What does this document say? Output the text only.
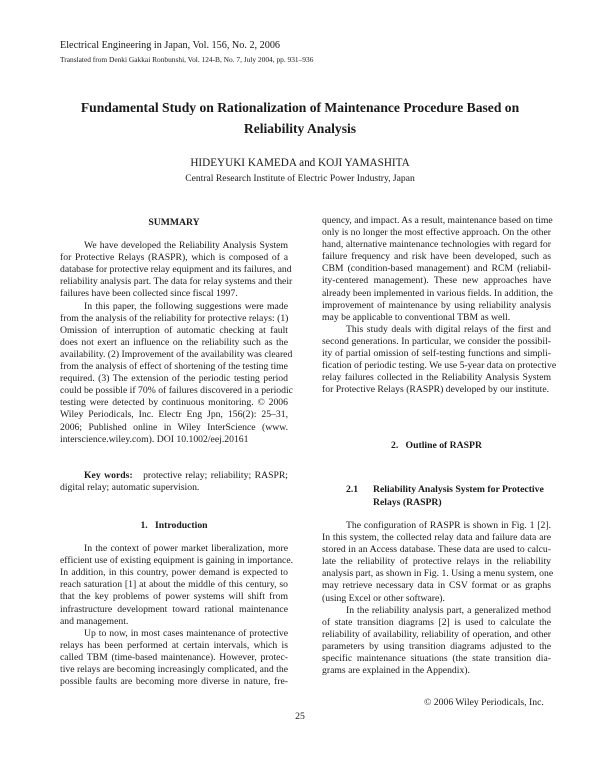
Electrical Engineering in Japan, Vol. 156, No. 2, 2006
Translated from Denki Gakkai Ronbunshi, Vol. 124-B, No. 7, July 2004, pp. 931–936
Fundamental Study on Rationalization of Maintenance Procedure Based on
Reliability Analysis
HIDEYUKI KAMEDA and KOJI YAMASHITA
Central Research Institute of Electric Power Industry, Japan
SUMMARY
We have developed the Reliability Analysis System
for Protective Relays (RASPR), which is composed of a
database for protective relay equipment and its failures, and
reliability analysis part. The data for relay systems and their
failures have been collected since fiscal 1997.
In this paper, the following suggestions were made
from the analysis of the reliability for protective relays: (1)
Omission of interruption of automatic checking at fault
does not exert an influence on the reliability such as the
availability. (2) Improvement of the availability was cleared
from the analysis of effect of shortening of the testing time
required. (3) The extension of the periodic testing period
could be possible if 70% of failures discovered in a periodic
testing were detected by continuous monitoring. © 2006
Wiley Periodicals, Inc. Electr Eng Jpn, 156(2): 25–31,
2006; Published online in Wiley InterScience (www.
interscience.wiley.com). DOI 10.1002/eej.20161
Key words: protective relay; reliability; RASPR;
digital relay; automatic supervision.
1.   Introduction
In the context of power market liberalization, more
efficient use of existing equipment is gaining in importance.
In addition, in this country, power demand is expected to
reach saturation [1] at about the middle of this century, so
that the key problems of power systems will shift from
infrastructure development toward rational maintenance
and management.
Up to now, in most cases maintenance of protective
relays has been performed at certain intervals, which is
called TBM (time-based maintenance). However, protec-
tive relays are becoming increasingly complicated, and the
possible faults are becoming more diverse in nature, fre-
quency, and impact. As a result, maintenance based on time
only is no longer the most effective approach. On the other
hand, alternative maintenance technologies with regard for
failure frequency and risk have been developed, such as
CBM (condition-based management) and RCM (reliabil-
ity-centered management). These new approaches have
already been implemented in various fields. In addition, the
improvement of maintenance by using reliability analysis
may be applicable to conventional TBM as well.
This study deals with digital relays of the first and
second generations. In particular, we consider the possibil-
ity of partial omission of self-testing functions and simpli-
fication of periodic testing. We use 5-year data on protective
relay failures collected in the Reliability Analysis System
for Protective Relays (RASPR) developed by our institute.
2.   Outline of RASPR
2.1 Reliability Analysis System for Protective
Relays (RASPR)
The configuration of RASPR is shown in Fig. 1 [2].
In this system, the collected relay data and failure data are
stored in an Access database. These data are used to calcu-
late the reliability of protective relays in the reliability
analysis part, as shown in Fig. 1. Using a menu system, one
may retrieve necessary data in CSV format or as graphs
(using Excel or other software).
In the reliability analysis part, a generalized method
of state transition diagrams [2] is used to calculate the
reliability of availability, reliability of operation, and other
parameters by using transition diagrams adjusted to the
specific maintenance situations (the state transition dia-
grams are explained in the Appendix).
© 2006 Wiley Periodicals, Inc.
25
